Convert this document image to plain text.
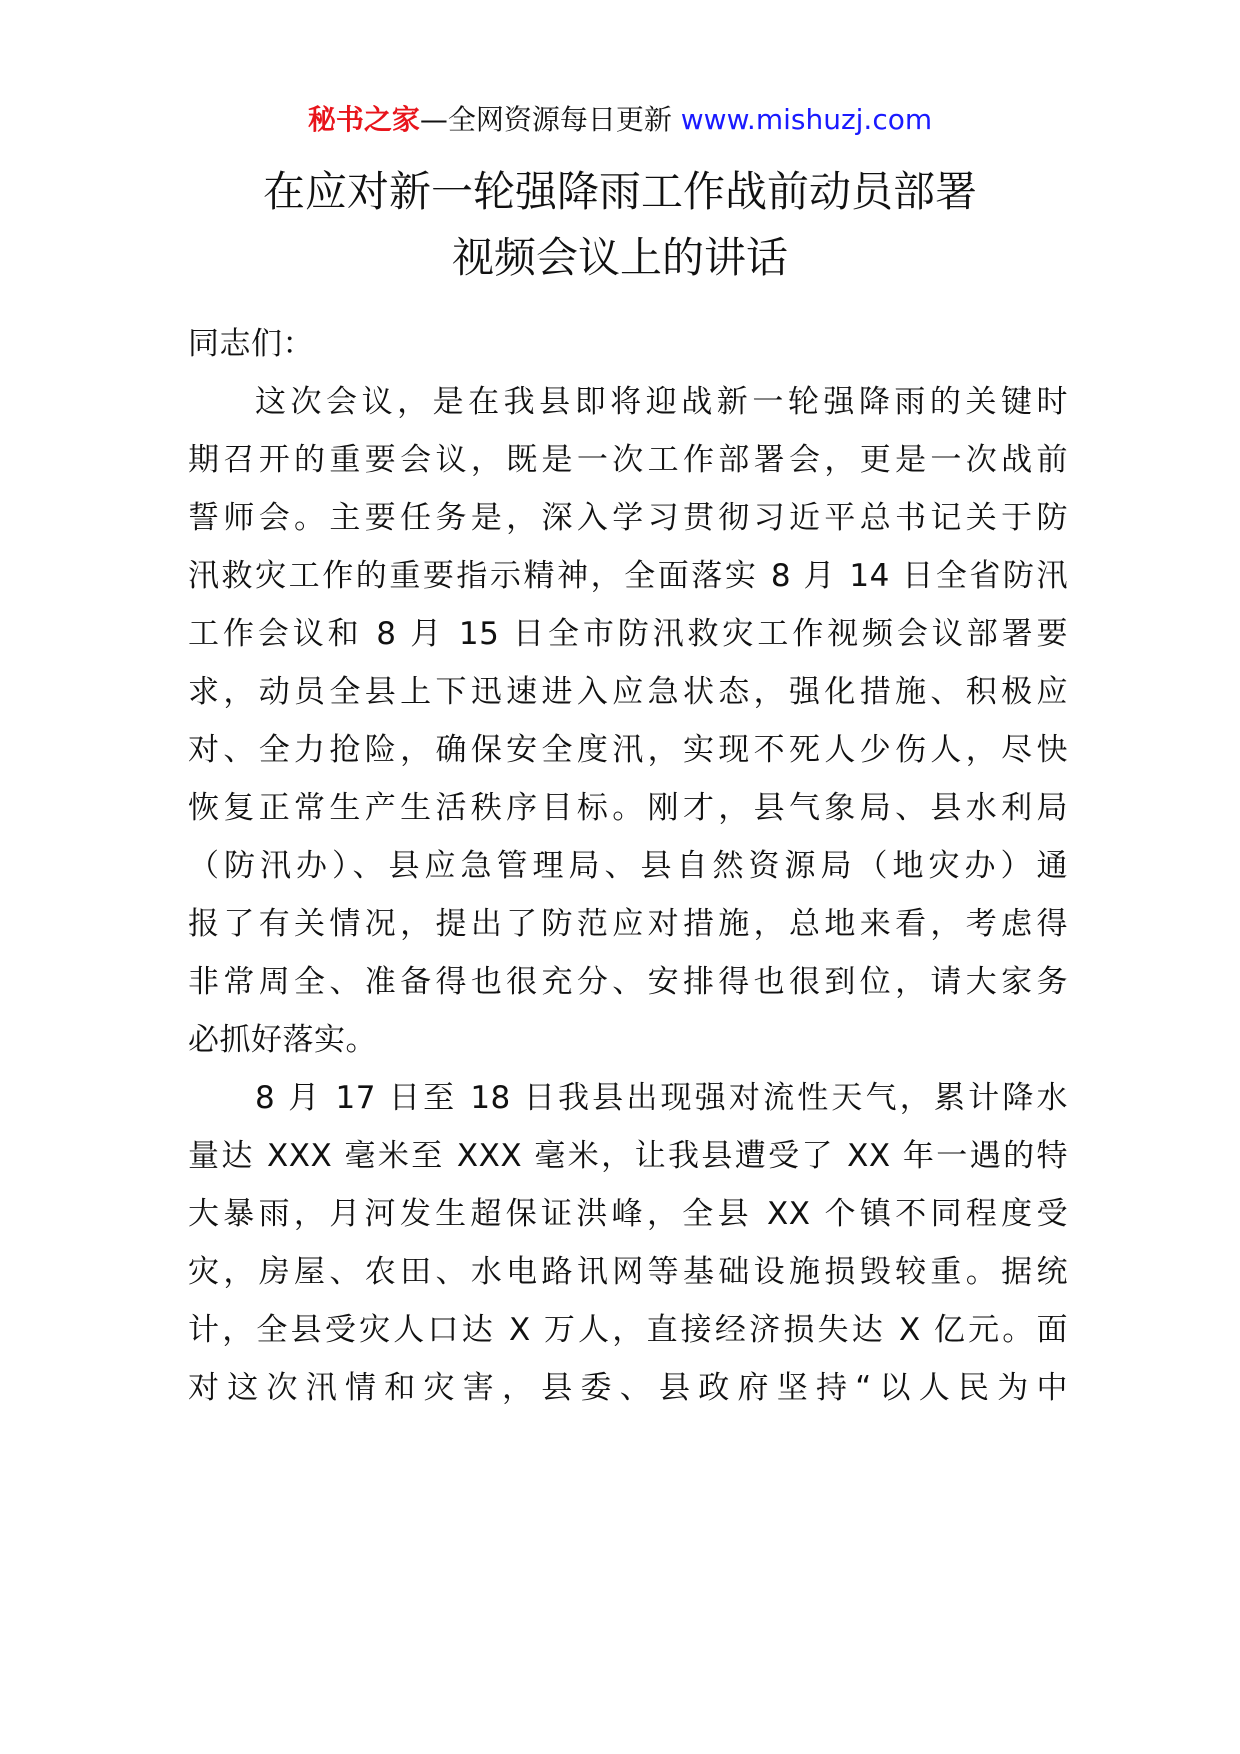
秘书之家—全网资源每日更新 www.mishuzj.com
在应对新一轮强降雨工作战前动员部署
视频会议上的讲话
同志们：
这次会议，是在我县即将迎战新一轮强降雨的关键时
期召开的重要会议，既是一次工作部署会，更是一次战前
誓师会。主要任务是，深入学习贯彻习近平总书记关于防
汛救灾工作的重要指示精神，全面落实 8 月 14 日全省防汛
工作会议和 8 月 15 日全市防汛救灾工作视频会议部署要
求，动员全县上下迅速进入应急状态，强化措施、积极应
对、全力抢险，确保安全度汛，实现不死人少伤人，尽快
恢复正常生产生活秩序目标。刚才，县气象局、县水利局
（防汛办）、县应急管理局、县自然资源局（地灾办）通
报了有关情况，提出了防范应对措施，总地来看，考虑得
非常周全、准备得也很充分、安排得也很到位，请大家务
必抓好落实。
8 月 17 日至 18 日我县出现强对流性天气，累计降水
量达 XXX 毫米至 XXX 毫米，让我县遭受了 XX 年一遇的特
大暴雨，月河发生超保证洪峰，全县 XX 个镇不同程度受
灾，房屋、农田、水电路讯网等基础设施损毁较重。据统
计，全县受灾人口达 X 万人，直接经济损失达 X 亿元。面
对这次汛情和灾害，县委、县政府坚持“以人民为中
